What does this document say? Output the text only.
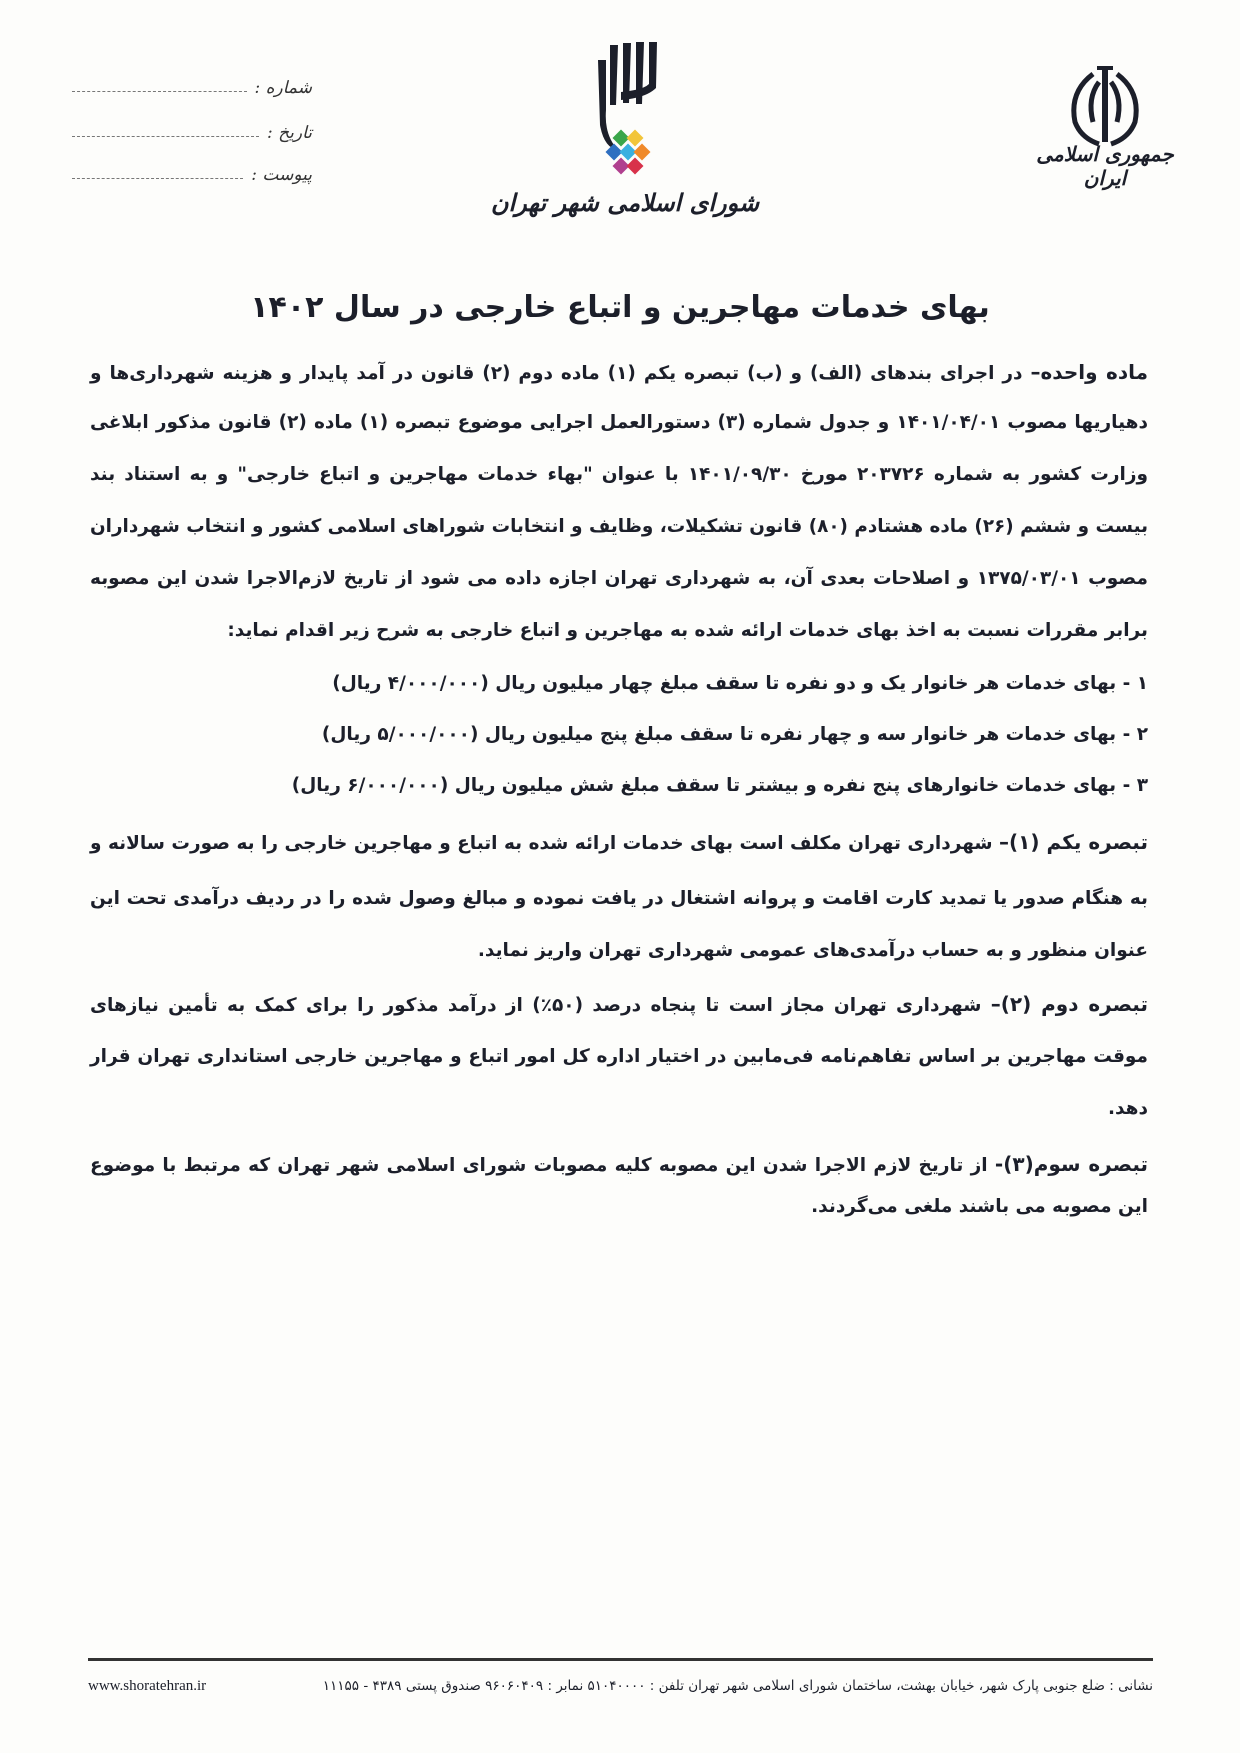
شماره :
تاریخ :
پیوست :
شورای اسلامی شهر تهران
جمهوری اسلامی ایران
بهای خدمات مهاجرین و اتباع خارجی در سال ۱۴۰۲
ماده واحده– در اجرای بندهای (الف) و (ب) تبصره یکم (۱) ماده دوم (۲) قانون در آمد پایدار و هزینه شهرداری‌ها و
دهیاریها مصوب ۱۴۰۱/۰۴/۰۱ و جدول شماره (۳) دستورالعمل اجرایی موضوع تبصره (۱) ماده (۲) قانون مذکور ابلاغی
وزارت کشور به شماره ۲۰۳۷۲۶ مورخ ۱۴۰۱/۰۹/۳۰ با عنوان "بهاء خدمات مهاجرین و اتباع خارجی" و به استناد بند
بیست و ششم (۲۶) ماده هشتادم (۸۰) قانون تشکیلات، وظایف و انتخابات شوراهای اسلامی کشور و انتخاب شهرداران
مصوب ۱۳۷۵/۰۳/۰۱ و اصلاحات بعدی آن، به شهرداری تهران اجازه داده می شود از تاریخ لازم‌الاجرا شدن این مصوبه
برابر مقررات نسبت به اخذ بهای خدمات ارائه شده به مهاجرین و اتباع خارجی به شرح زیر اقدام نماید:
۱ - بهای خدمات هر خانوار یک و دو نفره تا سقف مبلغ چهار میلیون ریال (۴/۰۰۰/۰۰۰ ریال)
۲ - بهای خدمات هر خانوار سه و چهار نفره تا سقف مبلغ پنج میلیون ریال (۵/۰۰۰/۰۰۰ ریال)
۳ - بهای خدمات خانوارهای پنج نفره و بیشتر تا سقف مبلغ شش میلیون ریال (۶/۰۰۰/۰۰۰ ریال)
تبصره یکم (۱)– شهرداری تهران مکلف است بهای خدمات ارائه شده به اتباع و مهاجرین خارجی را به صورت سالانه و
به هنگام صدور یا تمدید کارت اقامت و پروانه اشتغال در یافت نموده و مبالغ وصول شده را در ردیف درآمدی تحت این
عنوان منظور و به حساب درآمدی‌های عمومی شهرداری تهران واریز نماید.
تبصره دوم (۲)– شهرداری تهران مجاز است تا پنجاه درصد (۵۰٪) از درآمد مذکور را برای کمک به تأمین نیازهای
موقت مهاجرین بر اساس تفاهم‌نامه فی‌مابین در اختیار اداره کل امور اتباع و مهاجرین خارجی استانداری تهران قرار
دهد.
تبصره سوم(۳)- از تاریخ لازم الاجرا شدن این مصوبه کلیه مصوبات شورای اسلامی شهر تهران که مرتبط با موضوع
این مصوبه می باشند ملغی می‌گردند.
نشانی : ضلع جنوبی پارک شهر، خیابان بهشت، ساختمان شورای اسلامی شهر تهران تلفن : ۵۱۰۴۰۰۰۰ نمابر : ۹۶۰۶۰۴۰۹ صندوق پستی ۴۳۸۹ - ۱۱۱۵۵
www.shoratehran.ir
